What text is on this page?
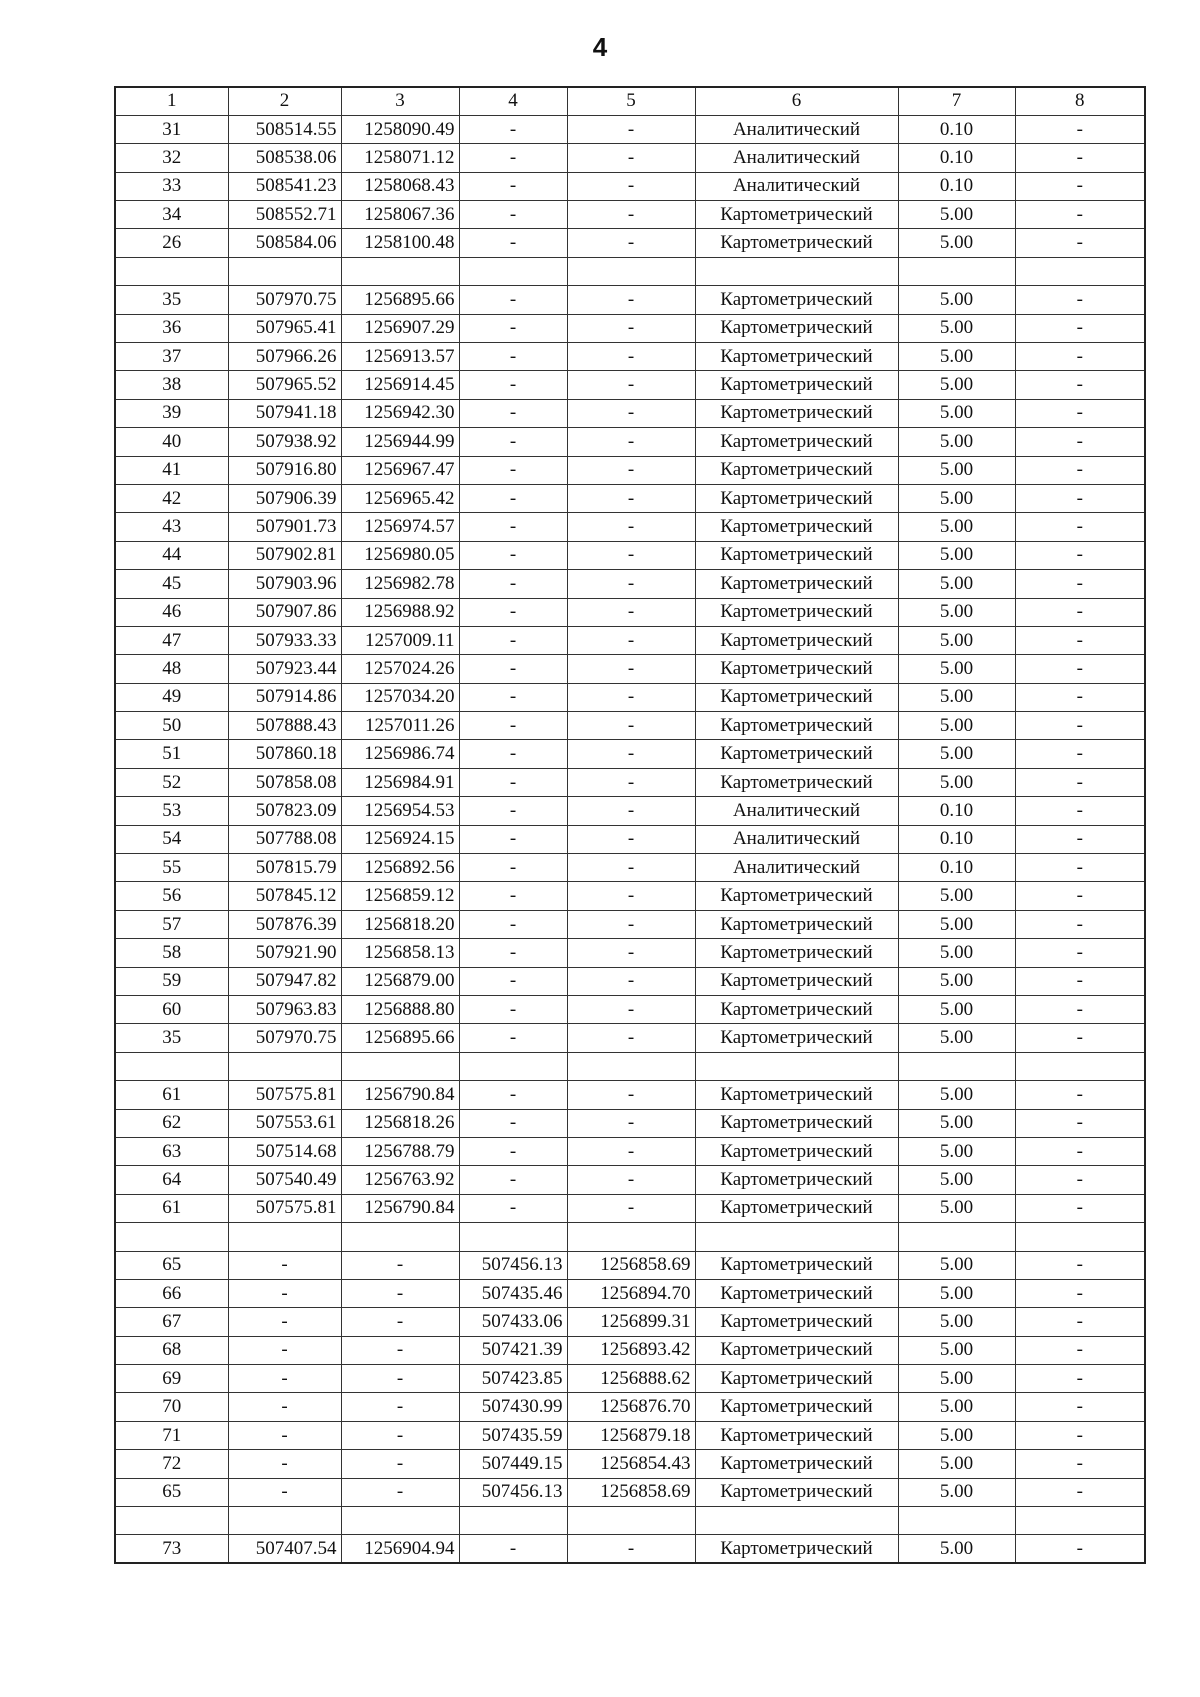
4
1	2	3	4	5	6	7	8
31	508514.55	1258090.49	-	-	Аналитический	0.10	-
32	508538.06	1258071.12	-	-	Аналитический	0.10	-
33	508541.23	1258068.43	-	-	Аналитический	0.10	-
34	508552.71	1258067.36	-	-	Картометрический	5.00	-
26	508584.06	1258100.48	-	-	Картометрический	5.00	-

35	507970.75	1256895.66	-	-	Картометрический	5.00	-
36	507965.41	1256907.29	-	-	Картометрический	5.00	-
37	507966.26	1256913.57	-	-	Картометрический	5.00	-
38	507965.52	1256914.45	-	-	Картометрический	5.00	-
39	507941.18	1256942.30	-	-	Картометрический	5.00	-
40	507938.92	1256944.99	-	-	Картометрический	5.00	-
41	507916.80	1256967.47	-	-	Картометрический	5.00	-
42	507906.39	1256965.42	-	-	Картометрический	5.00	-
43	507901.73	1256974.57	-	-	Картометрический	5.00	-
44	507902.81	1256980.05	-	-	Картометрический	5.00	-
45	507903.96	1256982.78	-	-	Картометрический	5.00	-
46	507907.86	1256988.92	-	-	Картометрический	5.00	-
47	507933.33	1257009.11	-	-	Картометрический	5.00	-
48	507923.44	1257024.26	-	-	Картометрический	5.00	-
49	507914.86	1257034.20	-	-	Картометрический	5.00	-
50	507888.43	1257011.26	-	-	Картометрический	5.00	-
51	507860.18	1256986.74	-	-	Картометрический	5.00	-
52	507858.08	1256984.91	-	-	Картометрический	5.00	-
53	507823.09	1256954.53	-	-	Аналитический	0.10	-
54	507788.08	1256924.15	-	-	Аналитический	0.10	-
55	507815.79	1256892.56	-	-	Аналитический	0.10	-
56	507845.12	1256859.12	-	-	Картометрический	5.00	-
57	507876.39	1256818.20	-	-	Картометрический	5.00	-
58	507921.90	1256858.13	-	-	Картометрический	5.00	-
59	507947.82	1256879.00	-	-	Картометрический	5.00	-
60	507963.83	1256888.80	-	-	Картометрический	5.00	-
35	507970.75	1256895.66	-	-	Картометрический	5.00	-

61	507575.81	1256790.84	-	-	Картометрический	5.00	-
62	507553.61	1256818.26	-	-	Картометрический	5.00	-
63	507514.68	1256788.79	-	-	Картометрический	5.00	-
64	507540.49	1256763.92	-	-	Картометрический	5.00	-
61	507575.81	1256790.84	-	-	Картометрический	5.00	-

65	-	-	507456.13	1256858.69	Картометрический	5.00	-
66	-	-	507435.46	1256894.70	Картометрический	5.00	-
67	-	-	507433.06	1256899.31	Картометрический	5.00	-
68	-	-	507421.39	1256893.42	Картометрический	5.00	-
69	-	-	507423.85	1256888.62	Картометрический	5.00	-
70	-	-	507430.99	1256876.70	Картометрический	5.00	-
71	-	-	507435.59	1256879.18	Картометрический	5.00	-
72	-	-	507449.15	1256854.43	Картометрический	5.00	-
65	-	-	507456.13	1256858.69	Картометрический	5.00	-

73	507407.54	1256904.94	-	-	Картометрический	5.00	-
